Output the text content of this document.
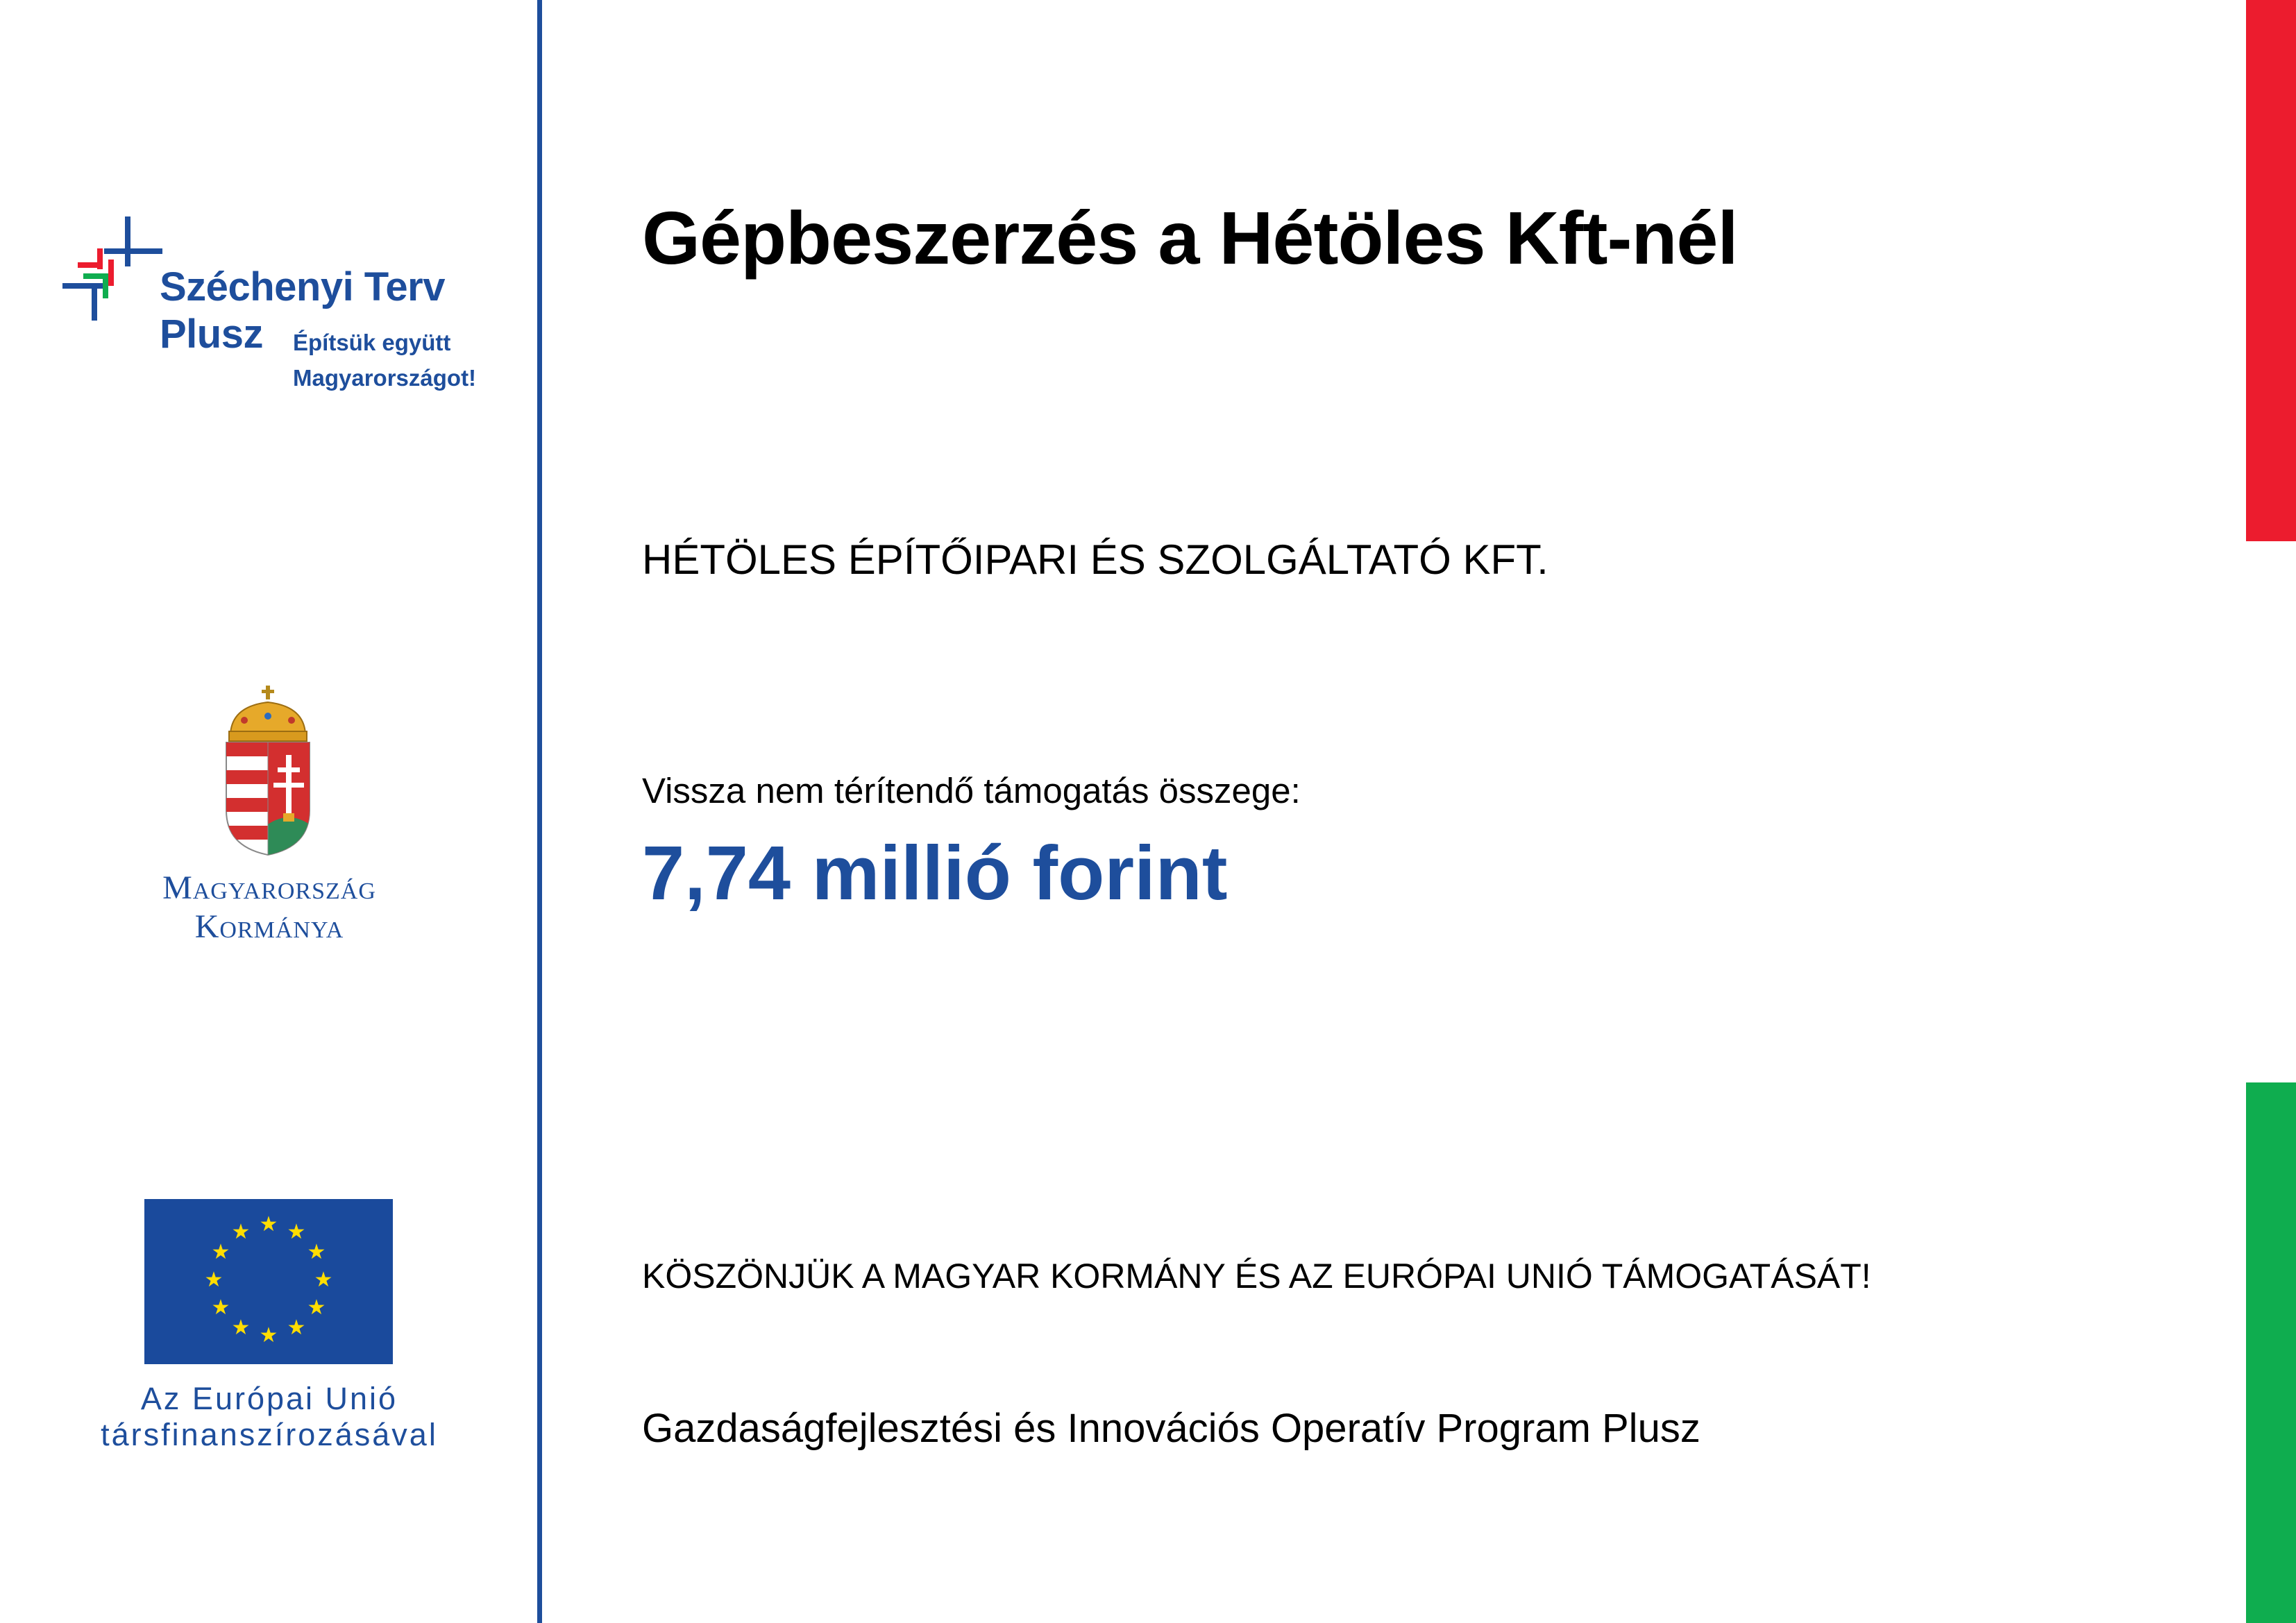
Széchenyi Terv
Plusz Építsük együtt
Magyarországot!
Magyarország
Kormánya
★ ★
★
★
★
★
★
★
★
★
★
★
Az Európai Unió
társfinanszírozásával
Gépbeszerzés a Hétöles Kft-nél
HÉTÖLES ÉPÍTŐIPARI ÉS SZOLGÁLTATÓ KFT.
Vissza nem térítendő támogatás összege:
7,74 millió forint
KÖSZÖNJÜK A MAGYAR KORMÁNY ÉS AZ EURÓPAI UNIÓ TÁMOGATÁSÁT!
Gazdaságfejlesztési és Innovációs Operatív Program Plusz
